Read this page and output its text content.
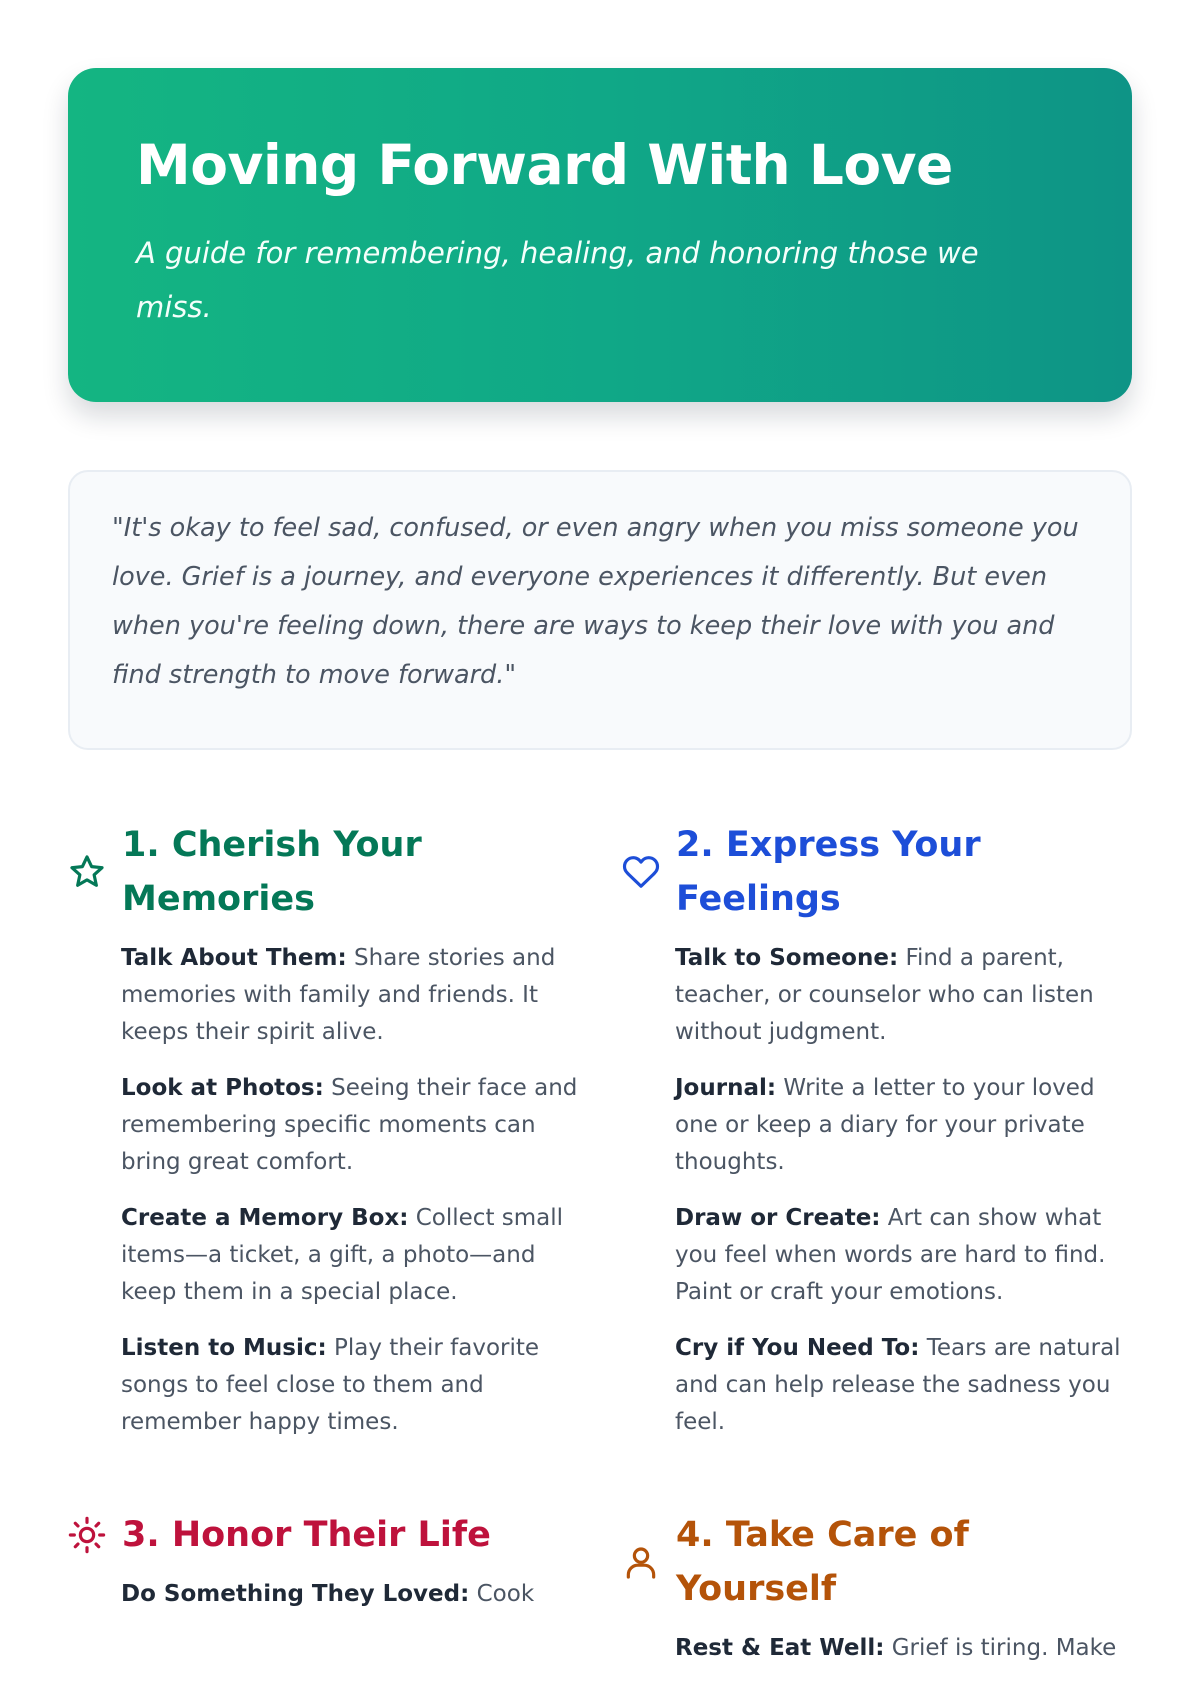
Moving Forward With Love

A guide for remembering, healing, and honoring those we miss.

"It's okay to feel sad, confused, or even angry when you miss someone you love. Grief is a journey, and everyone experiences it differently. But even when you're feeling down, there are ways to keep their love with you and find strength to move forward."

1. Cherish Your Memories
Talk About Them: Share stories and memories with family and friends. It keeps their spirit alive.
Look at Photos: Seeing their face and remembering specific moments can bring great comfort.
Create a Memory Box: Collect small items—a ticket, a gift, a photo—and keep them in a special place.
Listen to Music: Play their favorite songs to feel close to them and remember happy times.
2. Express Your Feelings
Talk to Someone: Find a parent, teacher, or counselor who can listen without judgment.
Journal: Write a letter to your loved one or keep a diary for your private thoughts.
Draw or Create: Art can show what you feel when words are hard to find. Paint or craft your emotions.
Cry if You Need To: Tears are natural and can help release the sadness you feel.
3. Honor Their Life
Do Something They Loved: Cook
4. Take Care of Yourself
Rest & Eat Well: Grief is tiring. Make
